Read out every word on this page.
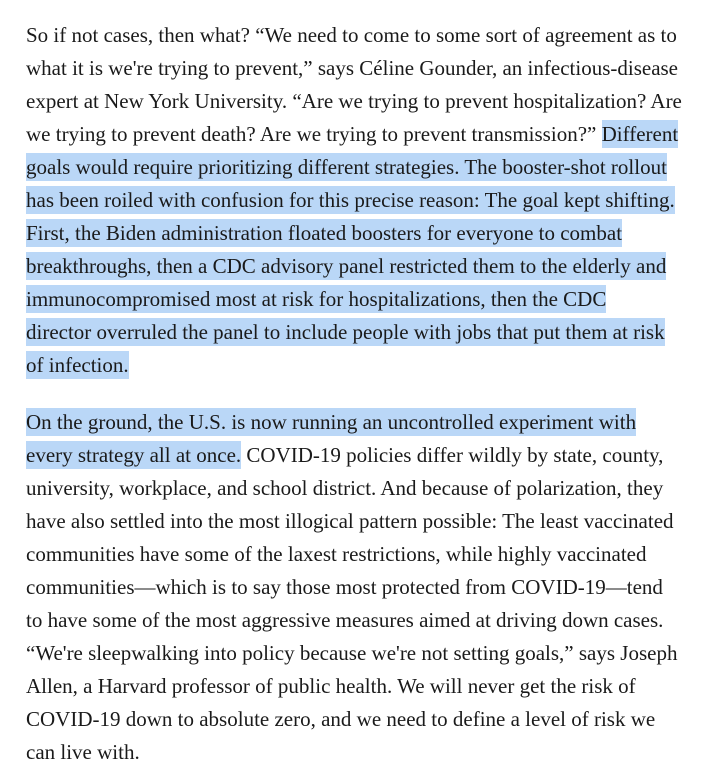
So if not cases, then what? “We need to come to some sort of agreement as to
what it is we're trying to prevent,” says Céline Gounder, an infectious-disease
expert at New York University. “Are we trying to prevent hospitalization? Are
we trying to prevent death? Are we trying to prevent transmission?” Different
goals would require prioritizing different strategies. The booster-shot rollout
has been roiled with confusion for this precise reason: The goal kept shifting.
First, the Biden administration floated boosters for everyone to combat
breakthroughs, then a CDC advisory panel restricted them to the elderly and
immunocompromised most at risk for hospitalizations, then the CDC
director overruled the panel to include people with jobs that put them at risk
of infection.

On the ground, the U.S. is now running an uncontrolled experiment with
every strategy all at once. COVID-19 policies differ wildly by state, county,
university, workplace, and school district. And because of polarization, they
have also settled into the most illogical pattern possible: The least vaccinated
communities have some of the laxest restrictions, while highly vaccinated
communities—which is to say those most protected from COVID-19—tend
to have some of the most aggressive measures aimed at driving down cases.
“We're sleepwalking into policy because we're not setting goals,” says Joseph
Allen, a Harvard professor of public health. We will never get the risk of
COVID-19 down to absolute zero, and we need to define a level of risk we
can live with.
